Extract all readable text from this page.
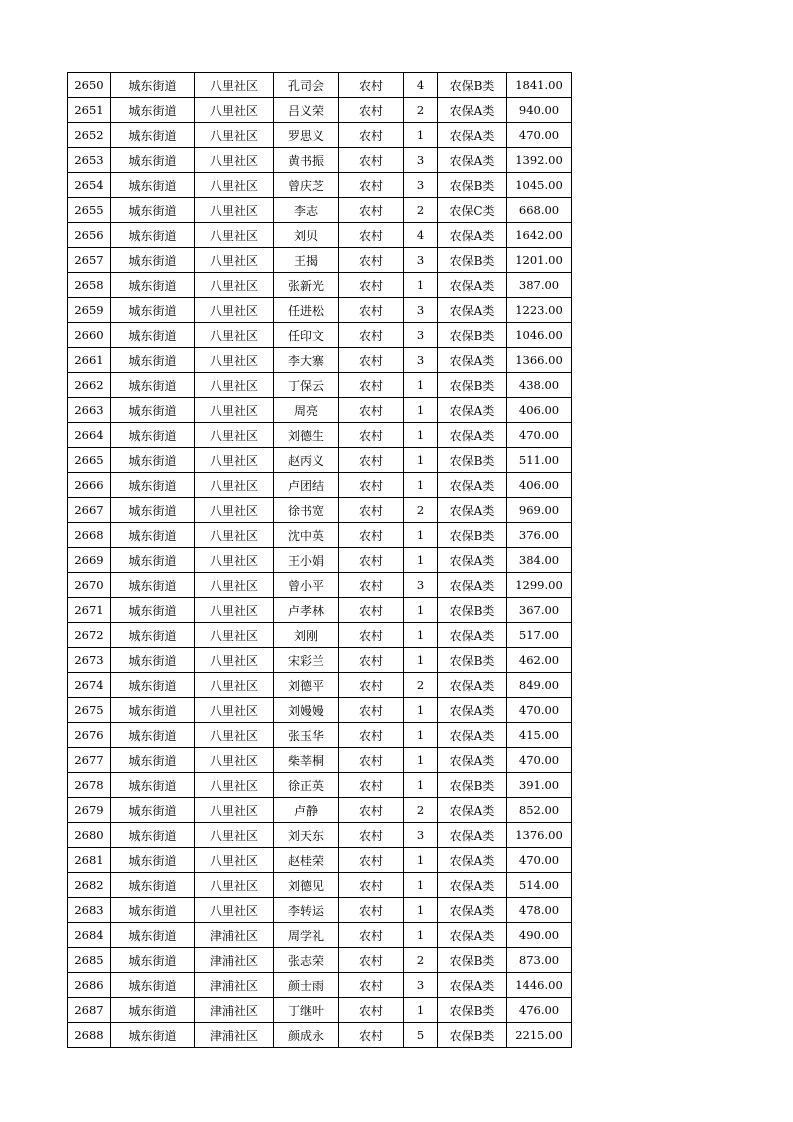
2650	城东街道	八里社区	孔司会	农村	4	农保B类	1841.00
2651	城东街道	八里社区	吕义荣	农村	2	农保A类	940.00
2652	城东街道	八里社区	罗思义	农村	1	农保A类	470.00
2653	城东街道	八里社区	黄书振	农村	3	农保A类	1392.00
2654	城东街道	八里社区	曾庆芝	农村	3	农保B类	1045.00
2655	城东街道	八里社区	李志	农村	2	农保C类	668.00
2656	城东街道	八里社区	刘贝	农村	4	农保A类	1642.00
2657	城东街道	八里社区	王揭	农村	3	农保B类	1201.00
2658	城东街道	八里社区	张新光	农村	1	农保A类	387.00
2659	城东街道	八里社区	任进松	农村	3	农保A类	1223.00
2660	城东街道	八里社区	任印文	农村	3	农保B类	1046.00
2661	城东街道	八里社区	李大寨	农村	3	农保A类	1366.00
2662	城东街道	八里社区	丁保云	农村	1	农保B类	438.00
2663	城东街道	八里社区	周亮	农村	1	农保A类	406.00
2664	城东街道	八里社区	刘德生	农村	1	农保A类	470.00
2665	城东街道	八里社区	赵丙义	农村	1	农保B类	511.00
2666	城东街道	八里社区	卢团结	农村	1	农保A类	406.00
2667	城东街道	八里社区	徐书宽	农村	2	农保A类	969.00
2668	城东街道	八里社区	沈中英	农村	1	农保B类	376.00
2669	城东街道	八里社区	王小娟	农村	1	农保A类	384.00
2670	城东街道	八里社区	曾小平	农村	3	农保A类	1299.00
2671	城东街道	八里社区	卢孝林	农村	1	农保B类	367.00
2672	城东街道	八里社区	刘刚	农村	1	农保A类	517.00
2673	城东街道	八里社区	宋彩兰	农村	1	农保B类	462.00
2674	城东街道	八里社区	刘德平	农村	2	农保A类	849.00
2675	城东街道	八里社区	刘嫚嫚	农村	1	农保A类	470.00
2676	城东街道	八里社区	张玉华	农村	1	农保A类	415.00
2677	城东街道	八里社区	柴莘桐	农村	1	农保A类	470.00
2678	城东街道	八里社区	徐正英	农村	1	农保B类	391.00
2679	城东街道	八里社区	卢静	农村	2	农保A类	852.00
2680	城东街道	八里社区	刘天东	农村	3	农保A类	1376.00
2681	城东街道	八里社区	赵桂荣	农村	1	农保A类	470.00
2682	城东街道	八里社区	刘德见	农村	1	农保A类	514.00
2683	城东街道	八里社区	李转运	农村	1	农保A类	478.00
2684	城东街道	津浦社区	周学礼	农村	1	农保A类	490.00
2685	城东街道	津浦社区	张志荣	农村	2	农保B类	873.00
2686	城东街道	津浦社区	颜士雨	农村	3	农保A类	1446.00
2687	城东街道	津浦社区	丁继叶	农村	1	农保B类	476.00
2688	城东街道	津浦社区	颜成永	农村	5	农保B类	2215.00
